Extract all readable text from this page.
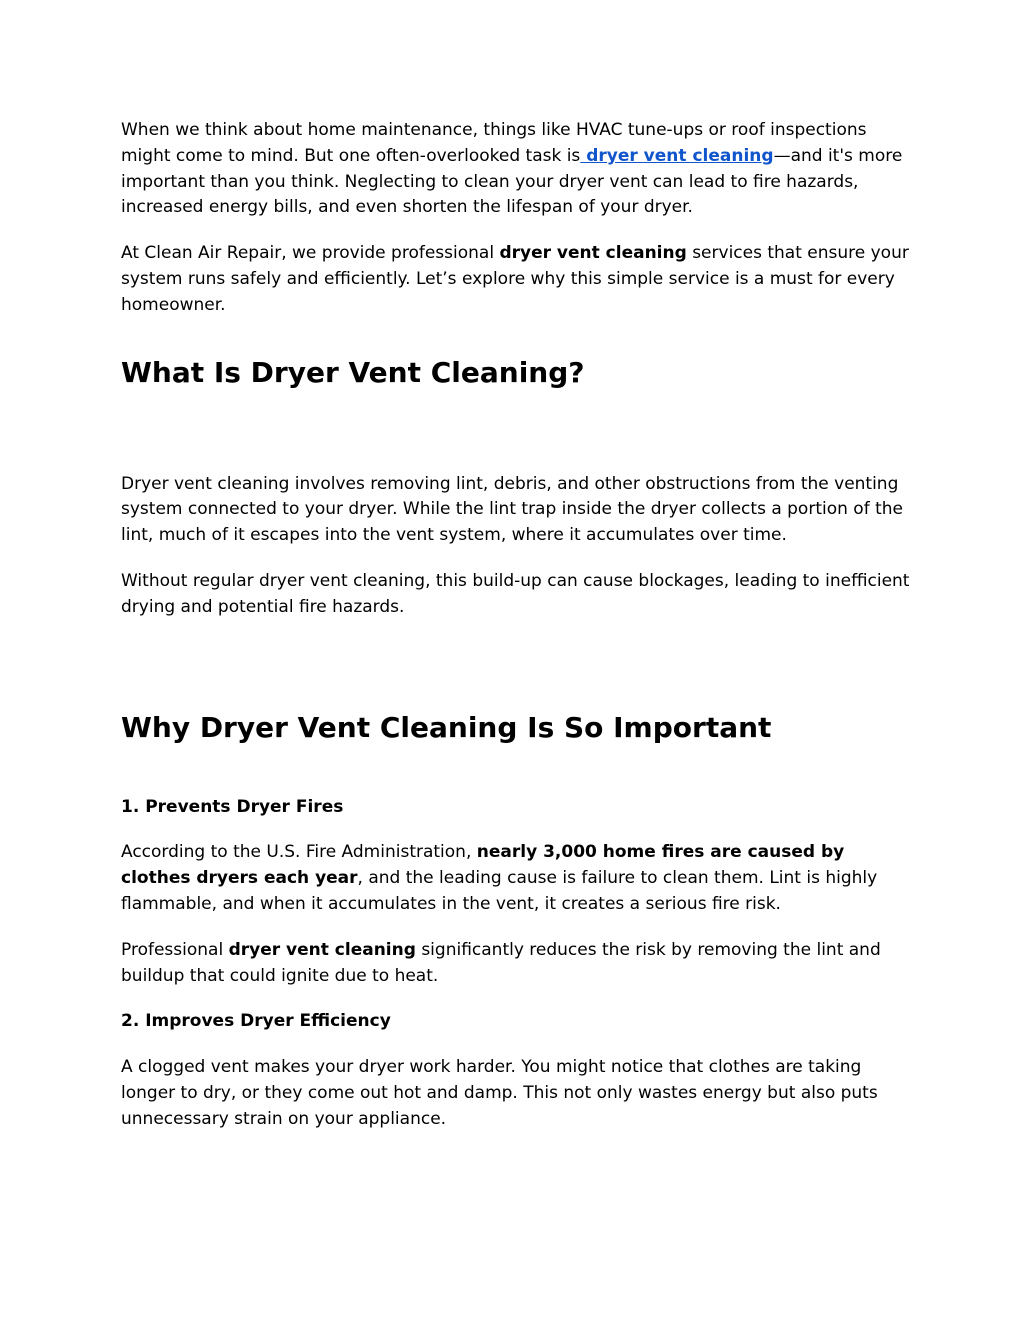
When we think about home maintenance, things like HVAC tune-ups or roof inspections might come to mind. But one often-overlooked task is dryer vent cleaning—and it's more important than you think. Neglecting to clean your dryer vent can lead to fire hazards, increased energy bills, and even shorten the lifespan of your dryer.

At Clean Air Repair, we provide professional dryer vent cleaning services that ensure your system runs safely and efficiently. Let’s explore why this simple service is a must for every homeowner.

What Is Dryer Vent Cleaning?

Dryer vent cleaning involves removing lint, debris, and other obstructions from the venting system connected to your dryer. While the lint trap inside the dryer collects a portion of the lint, much of it escapes into the vent system, where it accumulates over time.

Without regular dryer vent cleaning, this build-up can cause blockages, leading to inefficient drying and potential fire hazards.

Why Dryer Vent Cleaning Is So Important
1. Prevents Dryer Fires

According to the U.S. Fire Administration, nearly 3,000 home fires are caused by clothes dryers each year, and the leading cause is failure to clean them. Lint is highly flammable, and when it accumulates in the vent, it creates a serious fire risk.

Professional dryer vent cleaning significantly reduces the risk by removing the lint and buildup that could ignite due to heat.

2. Improves Dryer Efficiency

A clogged vent makes your dryer work harder. You might notice that clothes are taking longer to dry, or they come out hot and damp. This not only wastes energy but also puts unnecessary strain on your appliance.
